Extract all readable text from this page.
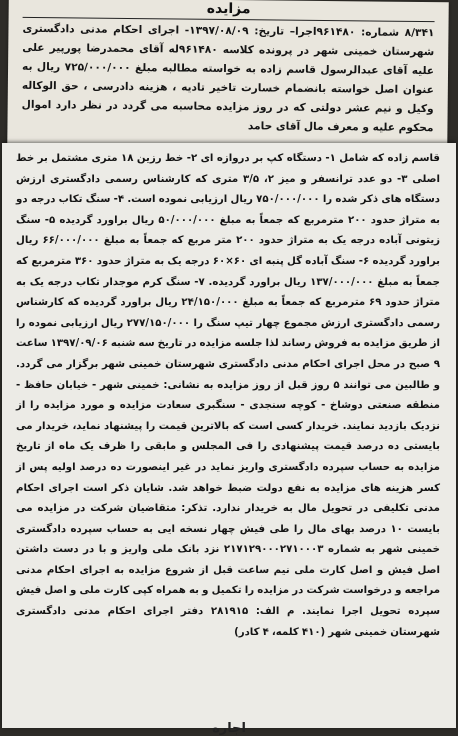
مزایده
۸/۳۴۱ شماره: ۹۶۱۴۸۰اجرا– تاریخ: ۱۳۹۷/۰۸/۰۹- اجرای احکام مدنی دادگستری شهرستان خمینی شهر در پرونده کلاسه ۹۶۱۴۸۰له آقای محمدرضا پورپیر علی علیه آقای عبدالرسول قاسم زاده به خواسته مطالبه مبلغ ۷۲۵/۰۰۰/۰۰۰ ریال به عنوان اصل خواسته بانضمام خسارت تاخیر تادیه ، هزینه دادرسی ، حق الوکاله وکیل و نیم عشر دولتی که در روز مزایده محاسبه می گردد در نظر دارد اموال محکوم علیه و معرف مال آقای حامد
قاسم زاده که شامل ۱- دستگاه کپ بر دروازه ای ۲- خط رزین ۱۸ متری مشتمل بر خط اصلی ۳- دو عدد ترانسفر و میز ۲، ۳/۵ متری که کارشناس رسمی دادگستری ارزش دستگاه های ذکر شده را ۷۵۰/۰۰۰/۰۰۰ ریال ارزیابی نموده است. ۴- سنگ تکاب درجه دو به متراژ حدود ۲۰۰ مترمربع که جمعاً به مبلغ ۵۰/۰۰۰/۰۰۰ ریال براورد گردیده ۵- سنگ زیتونی آباده درجه یک به متراژ حدود ۲۰۰ متر مربع که جمعاً به مبلغ ۶۶/۰۰۰/۰۰۰ ریال براورد گردیده ۶- سنگ آباده گل پنبه ای ۶۰×۶۰ درجه یک به متراژ حدود ۳۶۰ مترمربع که جمعاً به مبلغ ۱۳۷/۰۰۰/۰۰۰ ریال براورد گردیده. ۷- سنگ کرم موجدار تکاب درجه یک به متراژ حدود ۶۹ مترمربع که جمعاً به مبلغ ۲۴/۱۵۰/۰۰۰ ریال براورد گردیده که کارشناس رسمی دادگستری ارزش مجموع چهار تیپ سنگ را ۲۷۷/۱۵۰/۰۰۰ ریال ارزیابی نموده را از طریق مزایده به فروش رساند لذا جلسه مزایده در تاریخ سه شنبه ۱۳۹۷/۰۹/۰۶ ساعت ۹ صبح در محل اجرای احکام مدنی دادگستری شهرستان خمینی شهر برگزار می گردد. و طالبین می توانند ۵ روز قبل از روز مزایده به نشانی: خمینی شهر - خیابان حافظ - منطقه صنعتی دوشاخ - کوچه سنجدی - سنگبری سعادت مزایده و مورد مزایده را از نزدیک بازدید نمایند. خریدار کسی است که بالاترین قیمت را پیشنهاد نماید، خریدار می بایستی ده درصد قیمت پیشنهادی را فی المجلس و مابقی را ظرف یک ماه از تاریخ مزایده به حساب سپرده دادگستری واریز نماید در غیر اینصورت ده درصد اولیه پس از کسر هزینه های مزایده به نفع دولت ضبط خواهد شد. شایان ذکر است اجرای احکام مدنی تکلیفی در تحویل مال به خریدار ندارد. تذکر: متقاضیان شرکت در مزایده می بایست ۱۰ درصد بهای مال را طی فیش چهار نسخه ایی به حساب سپرده دادگستری خمینی شهر به شماره ۲۱۷۱۲۹۰۰۰۲۷۱۰۰۰۳ نزد بانک ملی واریز و با در دست داشتن اصل فیش و اصل کارت ملی نیم ساعت قبل از شروع مزایده به اجرای احکام مدنی مراجعه و درخواست شرکت در مزایده را تکمیل و به همراه کپی کارت ملی و اصل فیش سپرده تحویل اجرا نمایند. م الف: ۲۸۱۹۱۵ دفتر اجرای احکام مدنی دادگستری شهرستان خمینی شهر (۴۱۰ کلمه، ۴ کادر)
اجاره
